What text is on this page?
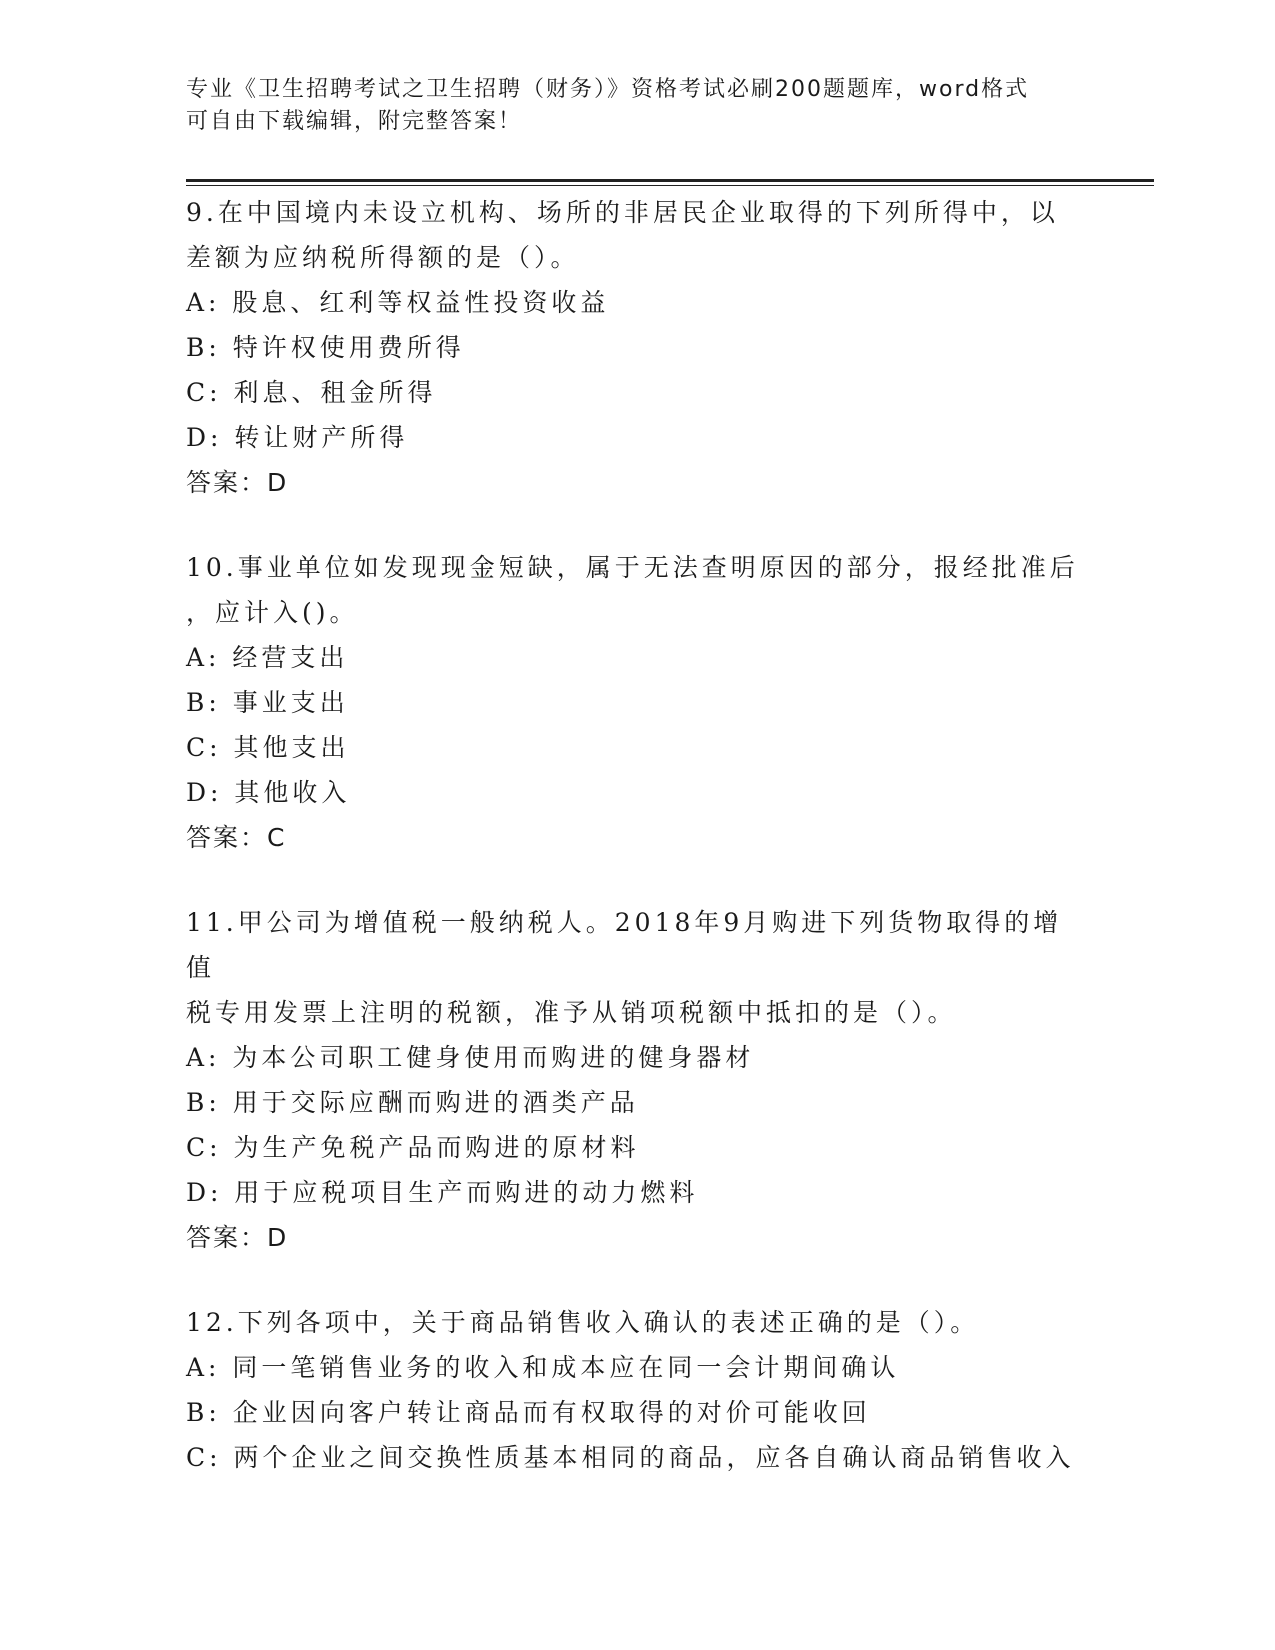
专业《卫生招聘考试之卫生招聘（财务）》资格考试必刷200题题库，word格式
可自由下载编辑，附完整答案！

9.在中国境内未设立机构、场所的非居民企业取得的下列所得中，以

差额为应纳税所得额的是（）。

A: 股息、红利等权益性投资收益

B: 特许权使用费所得

C: 利息、租金所得

D: 转让财产所得

答案：D

10.事业单位如发现现金短缺，属于无法查明原因的部分，报经批准后

，应计入()。

A: 经营支出

B: 事业支出

C: 其他支出

D: 其他收入

答案：C

11.甲公司为增值税一般纳税人。2018年9月购进下列货物取得的增值

税专用发票上注明的税额，准予从销项税额中抵扣的是（）。

A: 为本公司职工健身使用而购进的健身器材

B: 用于交际应酬而购进的酒类产品

C: 为生产免税产品而购进的原材料

D: 用于应税项目生产而购进的动力燃料

答案：D

12.下列各项中，关于商品销售收入确认的表述正确的是（）。

A: 同一笔销售业务的收入和成本应在同一会计期间确认

B: 企业因向客户转让商品而有权取得的对价可能收回

C: 两个企业之间交换性质基本相同的商品，应各自确认商品销售收入
